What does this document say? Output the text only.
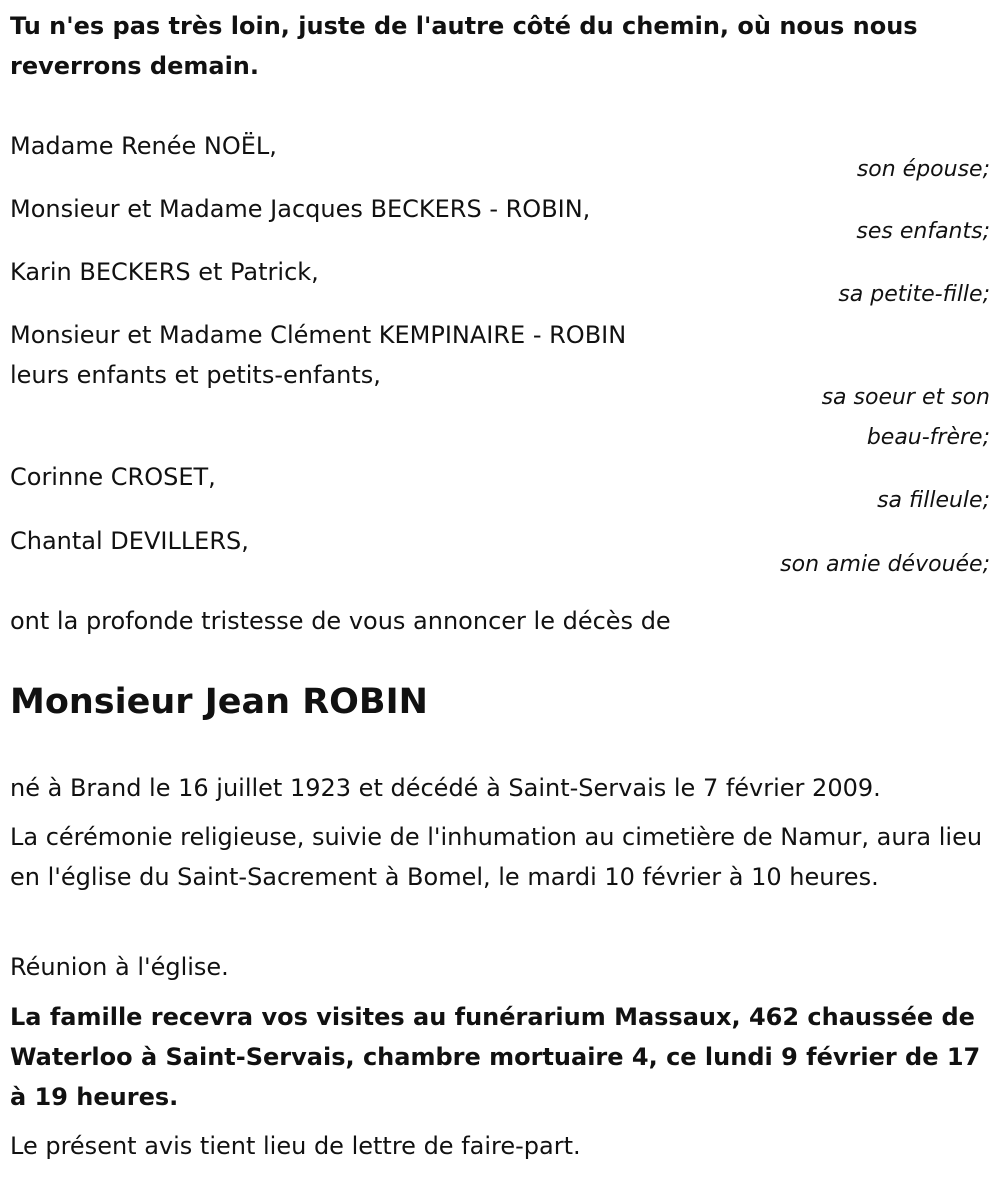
Tu n'es pas très loin, juste de l'autre côté du chemin, où nous nous reverrons demain.

Madame Renée NOËL,

son épouse;

Monsieur et Madame Jacques BECKERS - ROBIN,

ses enfants;

Karin BECKERS et Patrick,

sa petite-fille;

Monsieur et Madame Clément KEMPINAIRE - ROBIN

leurs enfants et petits-enfants,

sa soeur et son

beau-frère;

Corinne CROSET,

sa filleule;

Chantal DEVILLERS,

son amie dévouée;

ont la profonde tristesse de vous annoncer le décès de

Monsieur Jean ROBIN

né à Brand le 16 juillet 1923 et décédé à Saint-Servais le 7 février 2009.

La cérémonie religieuse, suivie de l'inhumation au cimetière de Namur, aura lieu en l'église du Saint-Sacrement à Bomel, le mardi 10 février à 10 heures.

Réunion à l'église.

La famille recevra vos visites au funérarium Massaux, 462 chaussée de Waterloo à Saint-Servais, chambre mortuaire 4, ce lundi 9 février de 17 à 19 heures.

Le présent avis tient lieu de lettre de faire-part.
